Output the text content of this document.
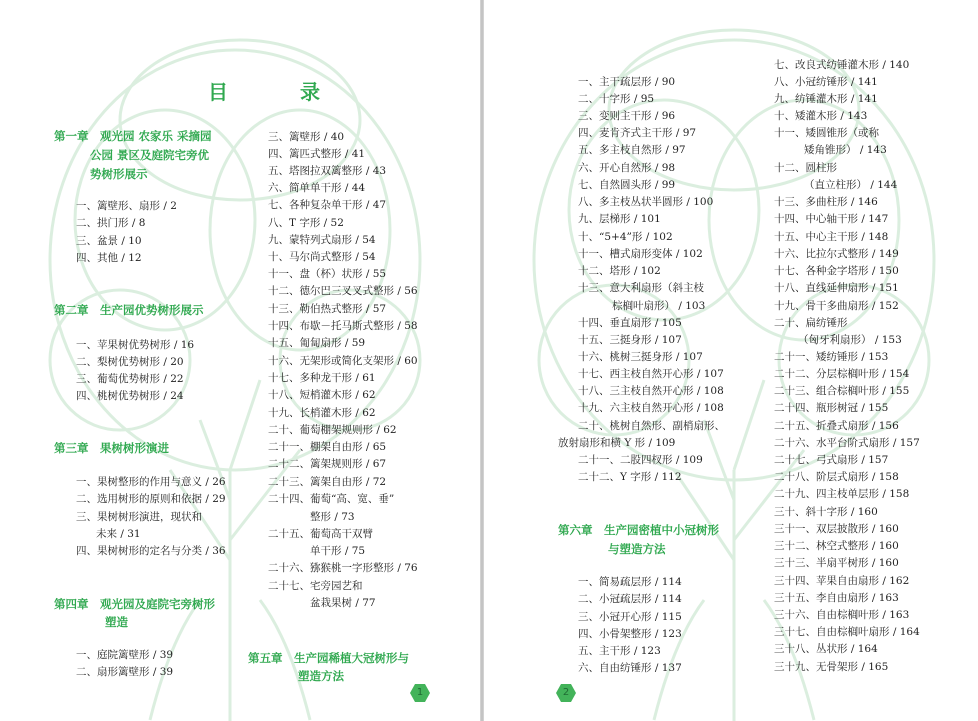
目　录
第一章　观光园 农家乐 采摘园
公园 景区及庭院宅旁优
势树形展示
一、篱壁形、扇形 / 2
二、拱门形 / 8
三、盆景 / 10
四、其他 / 12
第二章　生产园优势树形展示
一、苹果树优势树形 / 16
二、梨树优势树形 / 20
三、葡萄优势树形 / 22
四、桃树优势树形 / 24
第三章　果树树形演进
一、果树整形的作用与意义 / 26
二、选用树形的原则和依据 / 29
三、果树树形演进，现状和
未来 / 31
四、果树树形的定名与分类 / 36
第四章　观光园及庭院宅旁树形
塑造
一、庭院篱壁形 / 39
二、扇形篱壁形 / 39
三、篱壁形 / 40
四、篱匹式整形 / 41
五、塔图拉双篱整形 / 43
六、简单单干形 / 44
七、各种复杂单干形 / 47
八、T 字形 / 52
九、蒙特列式扇形 / 54
十、马尔尚式整形 / 54
十一、盘（杯）状形 / 55
十二、德尔巴三叉叉式整形 / 56
十三、勒伯热式整形 / 57
十四、布歇－托马斯式整形 / 58
十五、匍匐扇形 / 59
十六、无架形或简化支架形 / 60
十七、多种龙干形 / 61
十八、短梢灌木形 / 62
十九、长梢灌木形 / 62
二十、葡萄棚架规则形 / 62
二十一、棚架自由形 / 65
二十二、篱架规则形 / 67
二十三、篱架自由形 / 72
二十四、葡萄“高、宽、垂”
整形 / 73
二十五、葡萄高干双臂
单干形 / 75
二十六、猕猴桃一字形整形 / 76
二十七、宅旁园艺和
盆栽果树 / 77
第五章　生产园稀植大冠树形与
塑造方法
1
一、主干疏层形 / 90
二、十字形 / 95
三、变则主干形 / 96
四、麦肯齐式主干形 / 97
五、多主枝自然形 / 97
六、开心自然形 / 98
七、自然圆头形 / 99
八、多主枝丛状半圆形 / 100
九、层梯形 / 101
十、“5+4”形 / 102
十一、槽式扇形变体 / 102
十二、塔形 / 102
十三、意大利扇形（斜主枝
棕榈叶扇形） / 103
十四、垂直扇形 / 105
十五、三挺身形 / 107
十六、桃树三挺身形 / 107
十七、西主枝自然开心形 / 107
十八、三主枝自然开心形 / 108
十九、六主枝自然开心形 / 108
二十、桃树自然形、副梢扇形、
放射扇形和横 Y 形 / 109
二十一、二股四杈形 / 109
二十二、Y 字形 / 112
第六章　生产园密植中小冠树形
与塑造方法
一、简易疏层形 / 114
二、小冠疏层形 / 114
三、小冠开心形 / 115
四、小骨架整形 / 123
五、主干形 / 123
六、自由纺锤形 / 137
七、改良式纺锤灌木形 / 140
八、小冠纺锤形 / 141
九、纺锤灌木形 / 141
十、矮灌木形 / 143
十一、矮圆锥形（或称
矮角锥形） / 143
十二、圆柱形
（直立柱形） / 144
十三、多曲柱形 / 146
十四、中心轴干形 / 147
十五、中心主干形 / 148
十六、比拉尔式整形 / 149
十七、各种金字塔形 / 150
十八、直线延伸扇形 / 151
十九、骨干多曲扇形 / 152
二十、扁纺锤形
（匈牙利扇形） / 153
二十一、矮纺锤形 / 153
二十二、分层棕榈叶形 / 154
二十三、组合棕榈叶形 / 155
二十四、瓶形树冠 / 155
二十五、折叠式扇形 / 156
二十六、水平台阶式扇形 / 157
二十七、弓式扇形 / 157
二十八、阶层式扇形 / 158
二十九、四主枝单层形 / 158
三十、斜十字形 / 160
三十一、双层披散形 / 160
三十二、林空式整形 / 160
三十三、半扇平树形 / 160
三十四、苹果自由扇形 / 162
三十五、李自由扇形 / 163
三十六、自由棕榈叶形 / 163
三十七、自由棕榈叶扇形 / 164
三十八、丛状形 / 164
三十九、无骨架形 / 165
2
